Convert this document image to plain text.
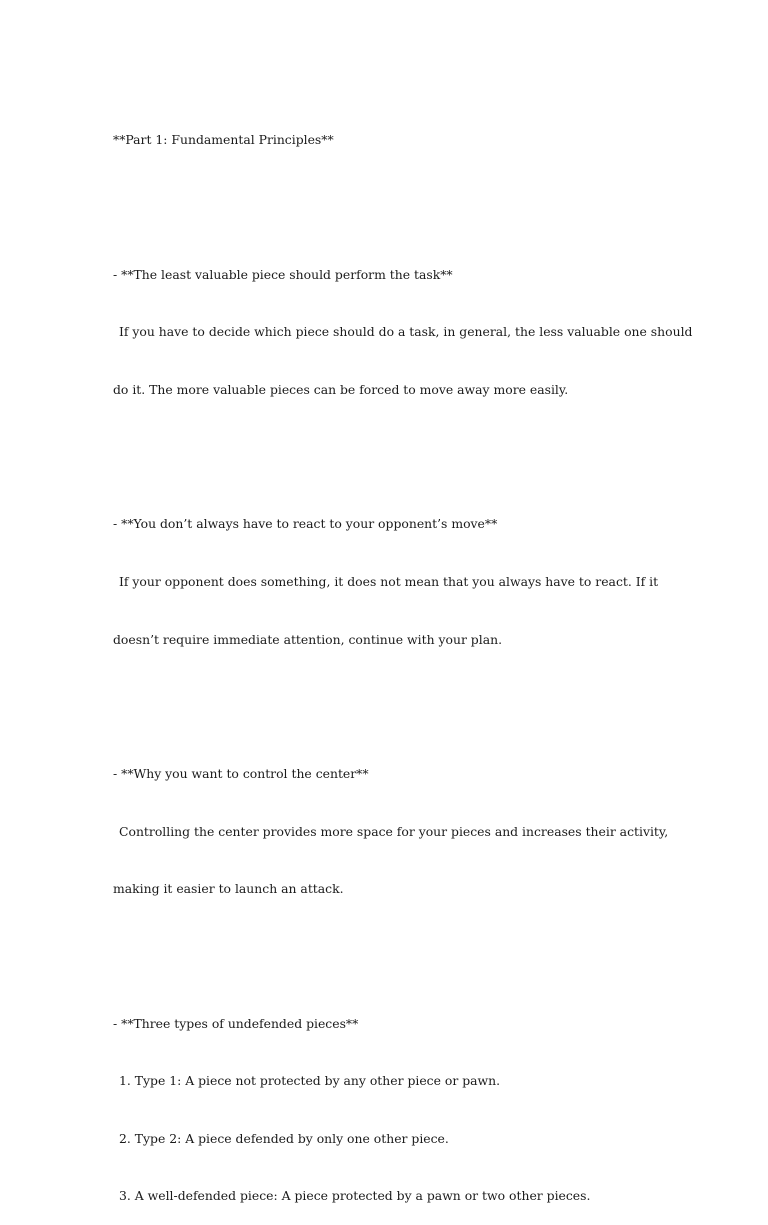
**Part 1: Fundamental Principles**

- **The least valuable piece should perform the task**

If you have to decide which piece should do a task, in general, the less valuable one should

do it. The more valuable pieces can be forced to move away more easily.

- **You don’t always have to react to your opponent’s move**

If your opponent does something, it does not mean that you always have to react. If it

doesn’t require immediate attention, continue with your plan.

- **Why you want to control the center**

Controlling the center provides more space for your pieces and increases their activity,

making it easier to launch an attack.

- **Three types of undefended pieces**

1. Type 1: A piece not protected by any other piece or pawn.

2. Type 2: A piece defended by only one other piece.

3. A well-defended piece: A piece protected by a pawn or two other pieces.
